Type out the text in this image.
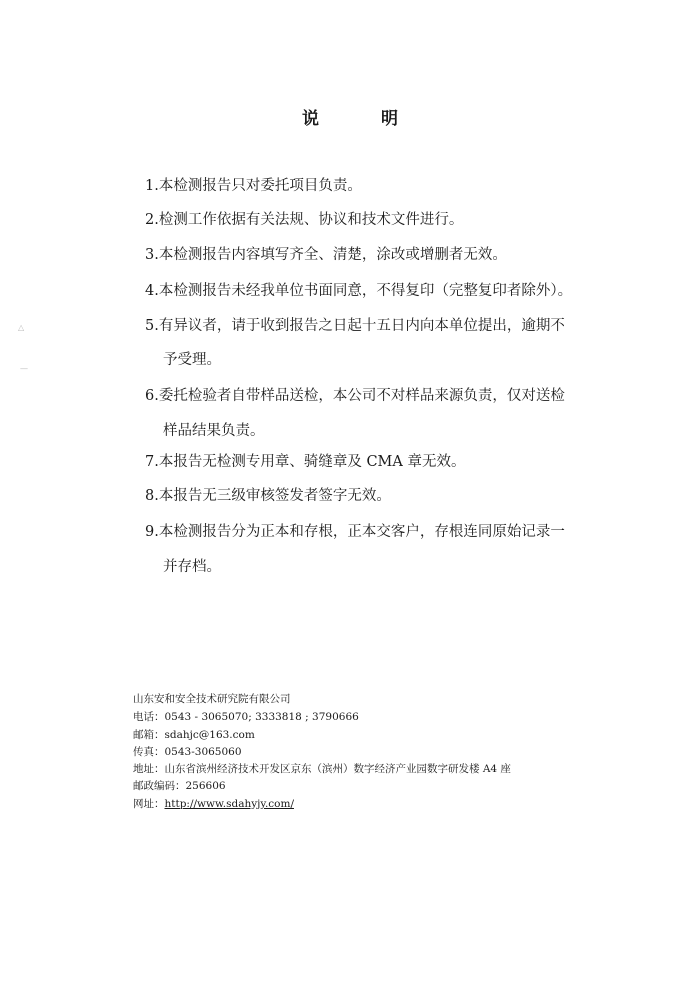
说	明
△
—
1.本检测报告只对委托项目负责。
2.检测工作依据有关法规、协议和技术文件进行。
3.本检测报告内容填写齐全、清楚，涂改或增删者无效。
4.本检测报告未经我单位书面同意，不得复印（完整复印者除外）。
5.有异议者，请于收到报告之日起十五日内向本单位提出，逾期不
予受理。
6.委托检验者自带样品送检，本公司不对样品来源负责，仅对送检
样品结果负责。
7.本报告无检测专用章、骑缝章及 CMA 章无效。
8.本报告无三级审核签发者签字无效。
9.本检测报告分为正本和存根，正本交客户，存根连同原始记录一
并存档。
山东安和安全技术研究院有限公司
电话：0543 - 3065070; 3333818 ; 3790666
邮箱：sdahjc@163.com
传真：0543-3065060
地址：山东省滨州经济技术开发区京东（滨州）数字经济产业园数字研发楼 A4 座
邮政编码：256606
网址：http://www.sdahyjy.com/
